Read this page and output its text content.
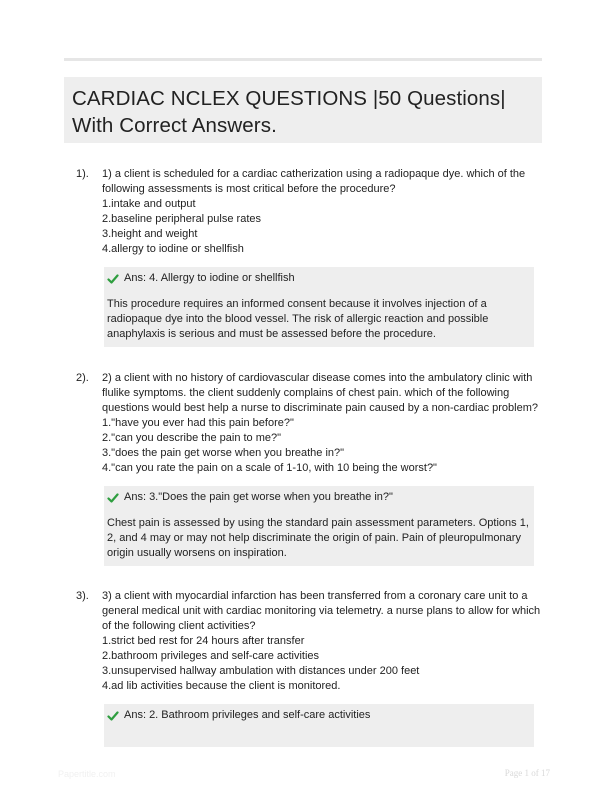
CARDIAC NCLEX QUESTIONS |50 Questions|
With Correct Answers.
1). 1) a client is scheduled for a cardiac catherization using a radiopaque dye. which of the following assessments is most critical before the procedure?
1.intake and output
2.baseline peripheral pulse rates
3.height and weight
4.allergy to iodine or shellfish
Ans: 4. Allergy to iodine or shellfish
This procedure requires an informed consent because it involves injection of a radiopaque dye into the blood vessel. The risk of allergic reaction and possible anaphylaxis is serious and must be assessed before the procedure.
2). 2) a client with no history of cardiovascular disease comes into the ambulatory clinic with flulike symptoms. the client suddenly complains of chest pain. which of the following questions would best help a nurse to discriminate pain caused by a non-cardiac problem?
1."have you ever had this pain before?"
2."can you describe the pain to me?"
3."does the pain get worse when you breathe in?"
4."can you rate the pain on a scale of 1-10, with 10 being the worst?"
Ans: 3."Does the pain get worse when you breathe in?"
Chest pain is assessed by using the standard pain assessment parameters. Options 1, 2, and 4 may or may not help discriminate the origin of pain. Pain of pleuropulmonary origin usually worsens on inspiration.
3). 3) a client with myocardial infarction has been transferred from a coronary care unit to a general medical unit with cardiac monitoring via telemetry. a nurse plans to allow for which of the following client activities?
1.strict bed rest for 24 hours after transfer
2.bathroom privileges and self-care activities
3.unsupervised hallway ambulation with distances under 200 feet
4.ad lib activities because the client is monitored.
Ans: 2. Bathroom privileges and self-care activities
Papertitle.com	Page 1 of 17
